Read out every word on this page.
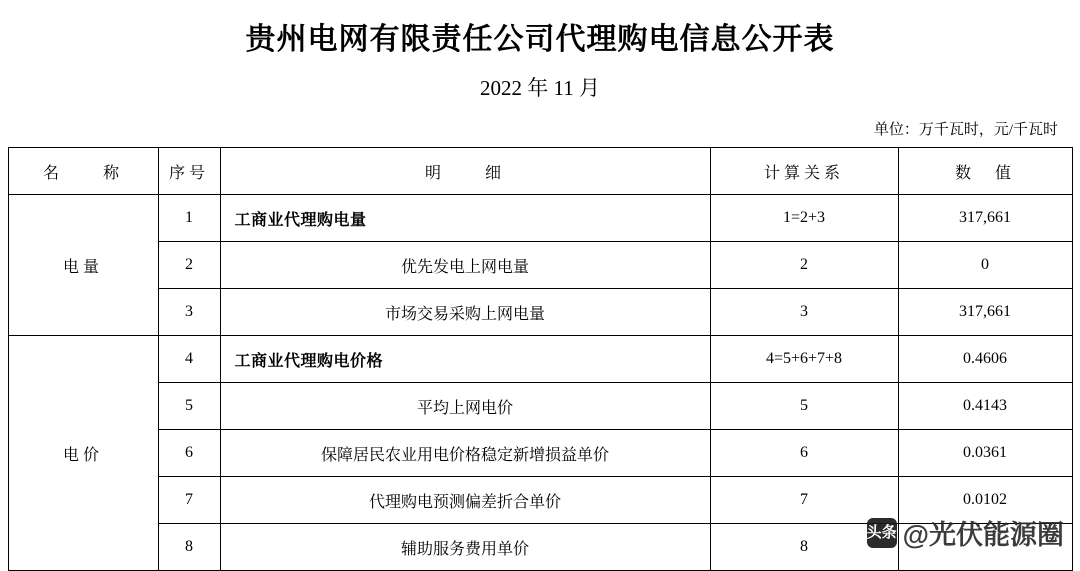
贵州电网有限责任公司代理购电信息公开表
2022 年 11 月
单位：万千瓦时，元/千瓦时
名　　称	序号	明　　细	计算关系	数　值
电量	1	工商业代理购电量	1=2+3	317,661
	2	优先发电上网电量	2	0
	3	市场交易采购上网电量	3	317,661
电价	4	工商业代理购电价格	4=5+6+7+8	0.4606
	5	平均上网电价	5	0.4143
	6	保障居民农业用电价格稳定新增损益单价	6	0.0361
	7	代理购电预测偏差折合单价	7	0.0102
	8	辅助服务费用单价	8	
头条 @光伏能源圈
